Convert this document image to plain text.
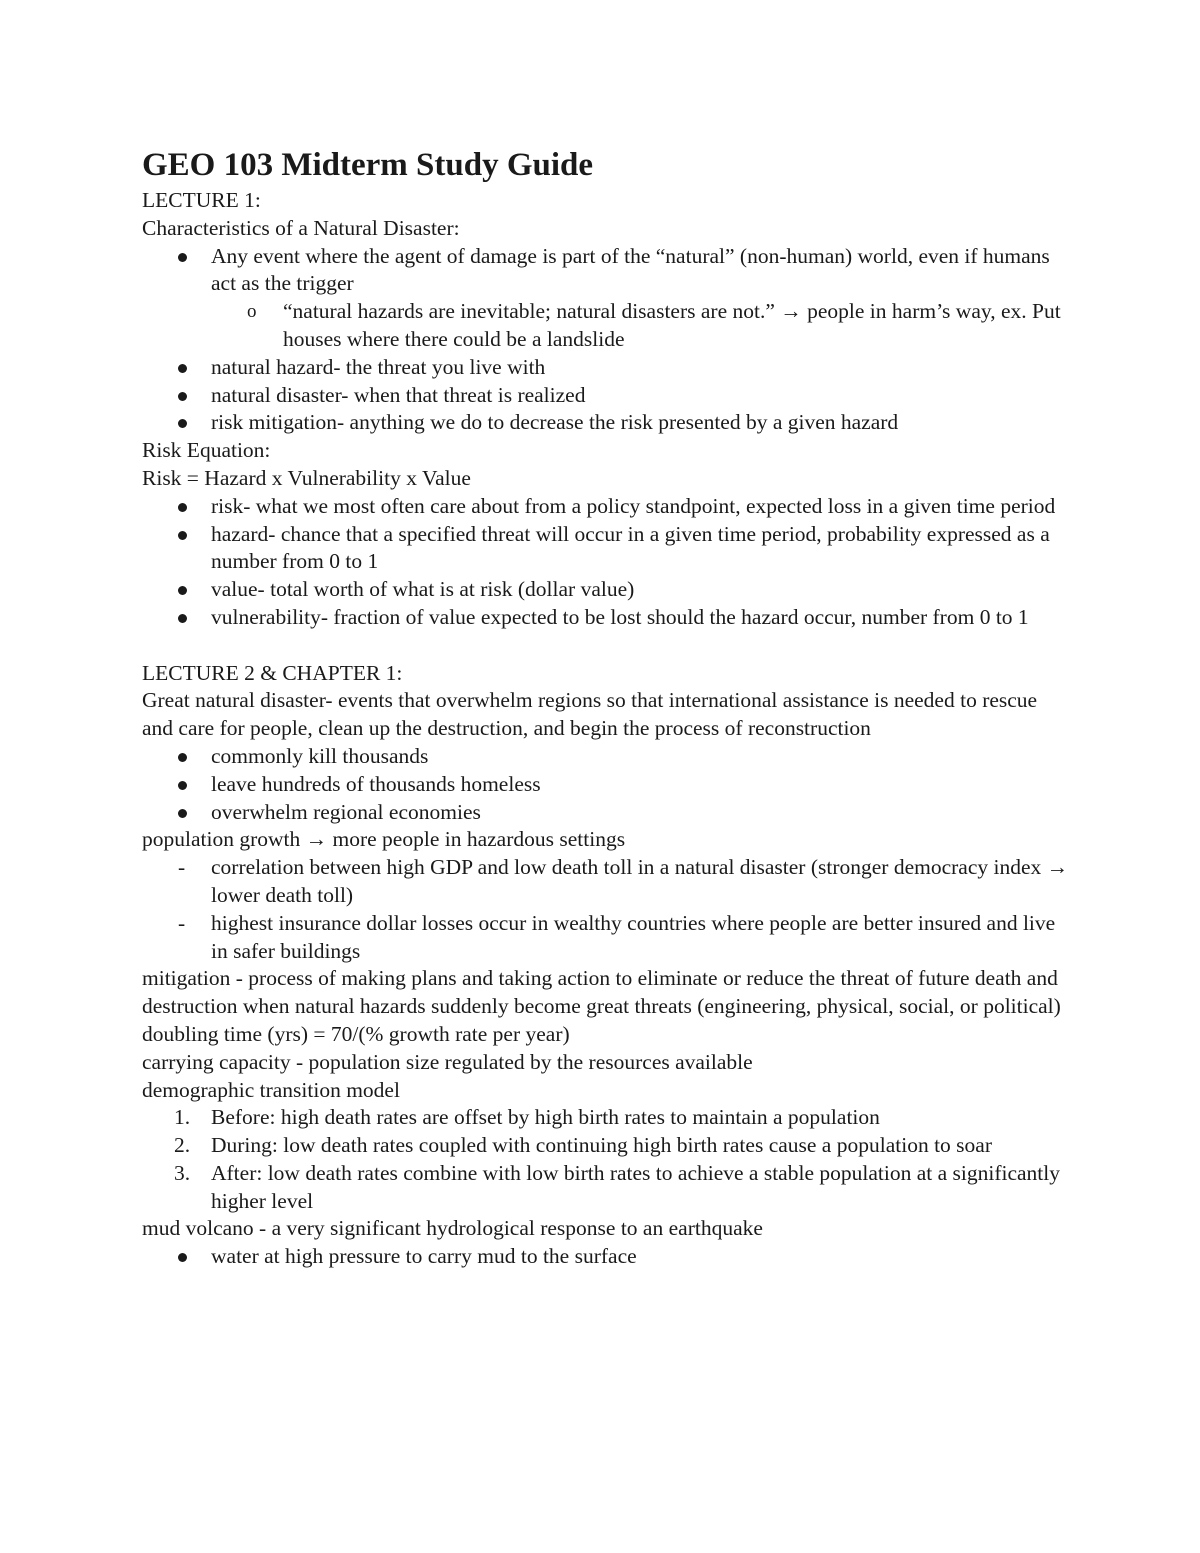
GEO 103 Midterm Study Guide
LECTURE 1:
Characteristics of a Natural Disaster:
Any event where the agent of damage is part of the “natural” (non-human) world, even if humans act as the trigger
o “natural hazards are inevitable; natural disasters are not.” → people in harm’s way, ex. Put houses where there could be a landslide
natural hazard- the threat you live with
natural disaster- when that threat is realized
risk mitigation- anything we do to decrease the risk presented by a given hazard
Risk Equation:
Risk = Hazard x Vulnerability x Value
risk- what we most often care about from a policy standpoint, expected loss in a given time period
hazard- chance that a specified threat will occur in a given time period, probability expressed as a number from 0 to 1
value- total worth of what is at risk (dollar value)
vulnerability- fraction of value expected to be lost should the hazard occur, number from 0 to 1
LECTURE 2 & CHAPTER 1:
Great natural disaster- events that overwhelm regions so that international assistance is needed to rescue and care for people, clean up the destruction, and begin the process of reconstruction
commonly kill thousands
leave hundreds of thousands homeless
overwhelm regional economies
population growth → more people in hazardous settings
- correlation between high GDP and low death toll in a natural disaster (stronger democracy index → lower death toll)
- highest insurance dollar losses occur in wealthy countries where people are better insured and live in safer buildings
mitigation - process of making plans and taking action to eliminate or reduce the threat of future death and destruction when natural hazards suddenly become great threats (engineering, physical, social, or political)
doubling time (yrs) = 70/(% growth rate per year)
carrying capacity - population size regulated by the resources available
demographic transition model
1. Before: high death rates are offset by high birth rates to maintain a population
2. During: low death rates coupled with continuing high birth rates cause a population to soar
3. After: low death rates combine with low birth rates to achieve a stable population at a significantly higher level
mud volcano - a very significant hydrological response to an earthquake
water at high pressure to carry mud to the surface
